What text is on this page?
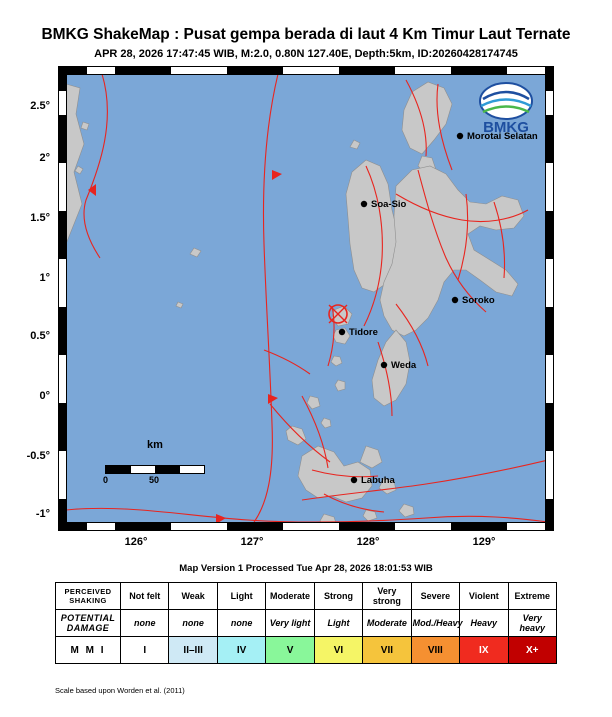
BMKG ShakeMap : Pusat gempa berada di laut 4 Km Timur Laut Ternate
APR 28, 2026 17:47:45 WIB, M:2.0, 0.80N 127.40E, Depth:5km, ID:20260428174745
Morotai Selatan
Soa-Sio
Weda
Tidore
Soroko
Labuha
BMKG
km
0	50
126°	127°	128°	129°
2.5°
2°
1.5°
1°
0.5°
0°
-0.5°
-1°
Map Version 1 Processed Tue Apr 28, 2026 18:01:53 WIB
PERCEIVED
SHAKING	Not felt	Weak	Light	Moderate	Strong	Very strong	Severe	Violent	Extreme
POTENTIAL
DAMAGE	none	none	none	Very light	Light	Moderate	Mod./Heavy	Heavy	Very heavy
M M I	I	II–III	IV	V	VI	VII	VIII	IX	X+
Scale based upon Worden et al. (2011)
